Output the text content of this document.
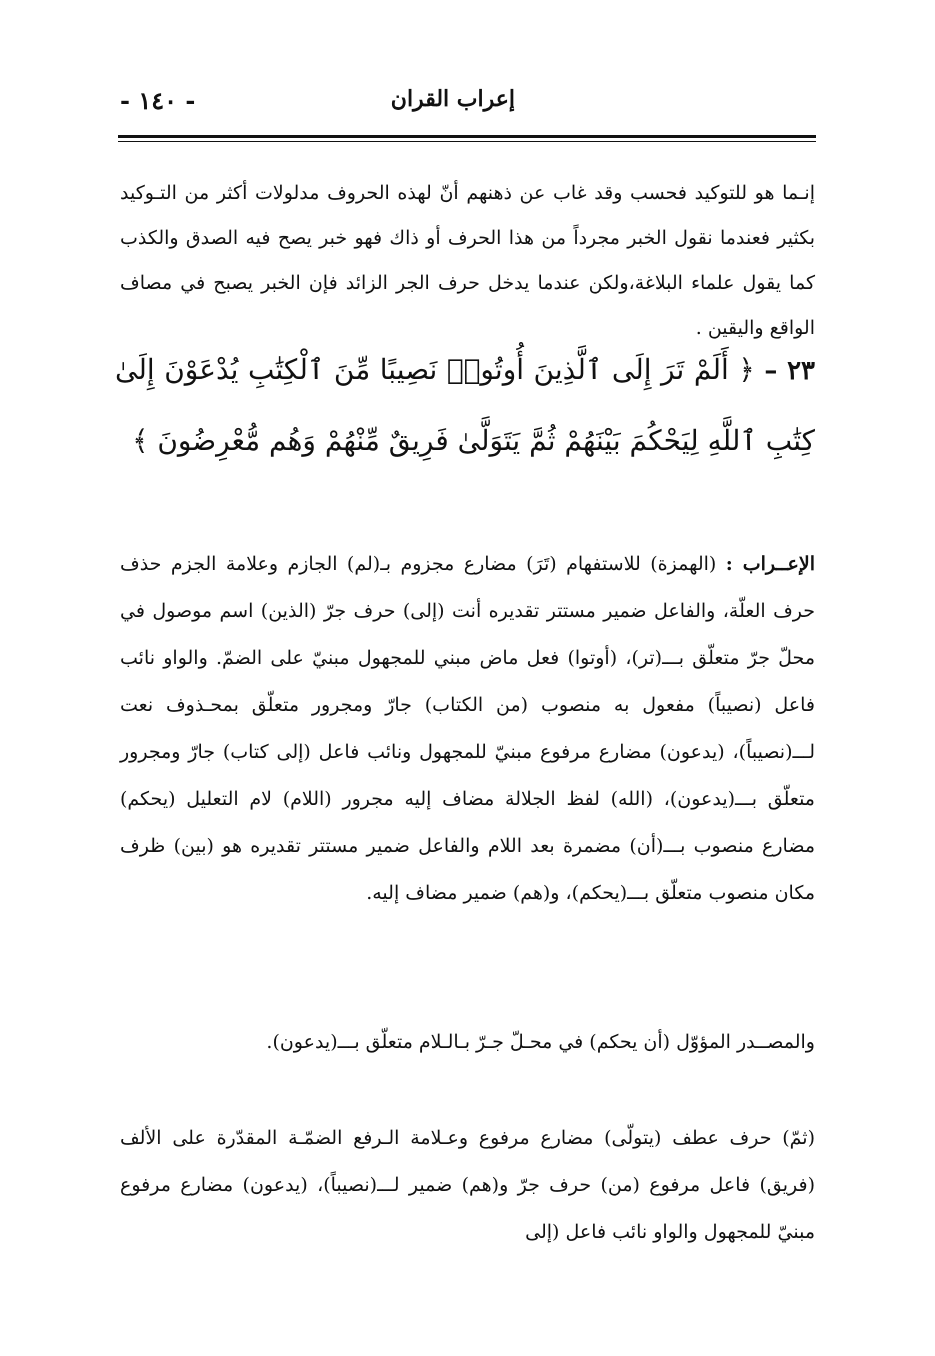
إعراب القران
- ١٤٠ -

إنـما هو للتوكيد فحسب وقد غاب عن ذهنهم أنّ لهذه الحروف مدلولات أكثر من التـوكيد بكثير فعندما نقول الخبر مجرداً من هذا الحرف أو ذاك فهو خبر يصح فيه الصدق والكذب كما يقول علماء البلاغة،ولكن عندما يدخل حرف الجر الزائد فإن الخبر يصبح في مصاف الواقع واليقين .

٢٣ – ﴿ أَلَمْ تَرَ إِلَى ٱلَّذِينَ أُوتُوا۟ نَصِيبًا مِّنَ ٱلْكِتَٰبِ يُدْعَوْنَ إِلَىٰ كِتَٰبِ ٱللَّهِ لِيَحْكُمَ بَيْنَهُمْ ثُمَّ يَتَوَلَّىٰ فَرِيقٌ مِّنْهُمْ وَهُم مُّعْرِضُونَ ﴾

الإعــراب : (الهمزة) للاستفهام (تَرَ) مضارع مجزوم بـ(لم) الجازم وعلامة الجزم حذف حرف العلّة، والفاعل ضمير مستتر تقديره أنت (إلى) حرف جرّ (الذين) اسم موصول في محلّ جرّ متعلّق بـــ(تر)، (أوتوا) فعل ماض مبني للمجهول مبنيّ على الضمّ. والواو نائب فاعل (نصيباً) مفعول به منصوب (من الكتاب) جارّ ومجرور متعلّق بمحـذوف نعت لـــ(نصيباً)، (يدعون) مضارع مرفوع مبنيّ للمجهول ونائب فاعل (إلى كتاب) جارّ ومجرور متعلّق بـــ(يدعون)، (الله) لفظ الجلالة مضاف إليه مجرور (اللام) لام التعليل (يحكم) مضارع منصوب بـــ(أن) مضمرة بعد اللام والفاعل ضمير مستتر تقديره هو (بين) ظرف مكان منصوب متعلّق بـــ(يحكم)، و(هم) ضمير مضاف إليه.

والمصــدر المؤوّل (أن يحكم) في محـلّ جـرّ بـالـلام متعلّق بـــ(يدعون).

(ثمّ) حرف عطف (يتولّى) مضارع مرفوع وعـلامة الـرفع الضمّـة المقدّرة على الألف (فريق) فاعل مرفوع (من) حرف جرّ و(هم) ضمير لـــ(نصيباً)، (يدعون) مضارع مرفوع مبنيّ للمجهول والواو نائب فاعل (إلى
